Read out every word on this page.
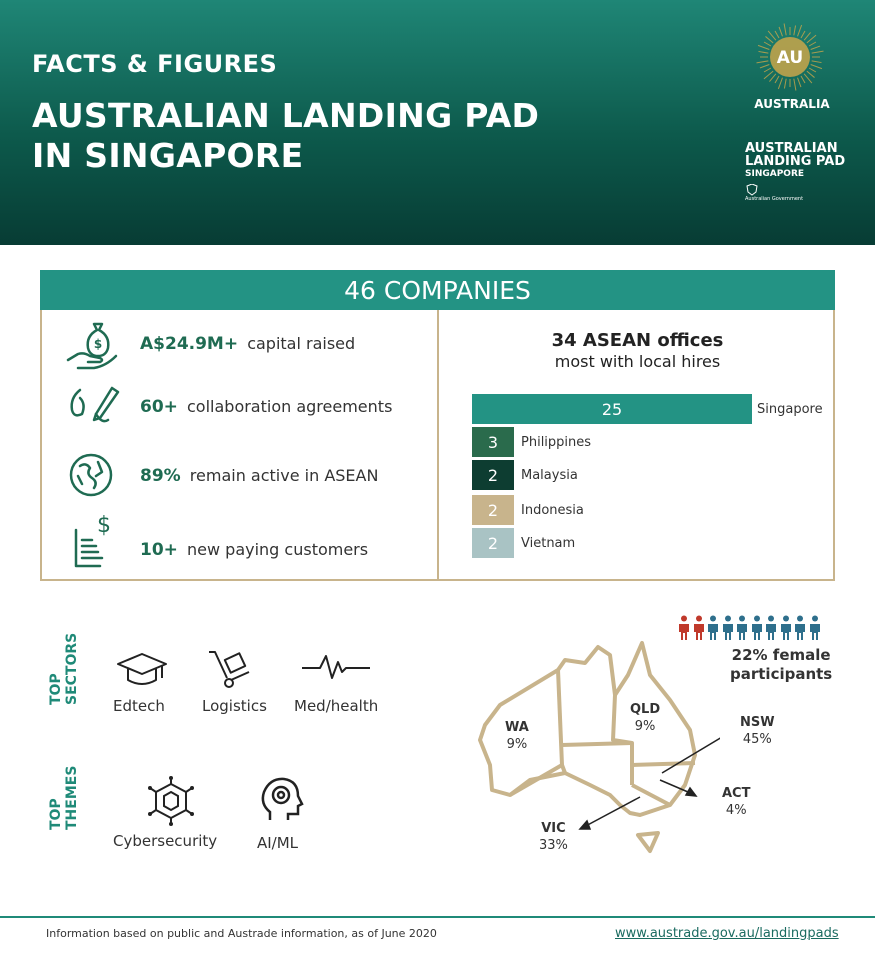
FACTS & FIGURES
AUSTRALIAN LANDING PAD
IN SINGAPORE
AU
AUSTRALIA
AUSTRALIAN
LANDING PAD
SINGAPORE
Australian Government
46 COMPANIES
$
$
A$24.9M+ capital raised
60+ collaboration agreements
89% remain active in ASEAN
10+ new paying customers
34 ASEAN offices
most with local hires
25	Singapore
3	Philippines
2	Malaysia
2	Indonesia
2	Vietnam
TOP SECTORS
TOP THEMES
Edtech Logistics Med/health
Cybersecurity	AI/ML
22% female
participants
WA
9%
QLD
9%	NSW
45%
ACT
4%
VIC
33%
Information based on public and Austrade information, as of June 2020	www.austrade.gov.au/landingpads
